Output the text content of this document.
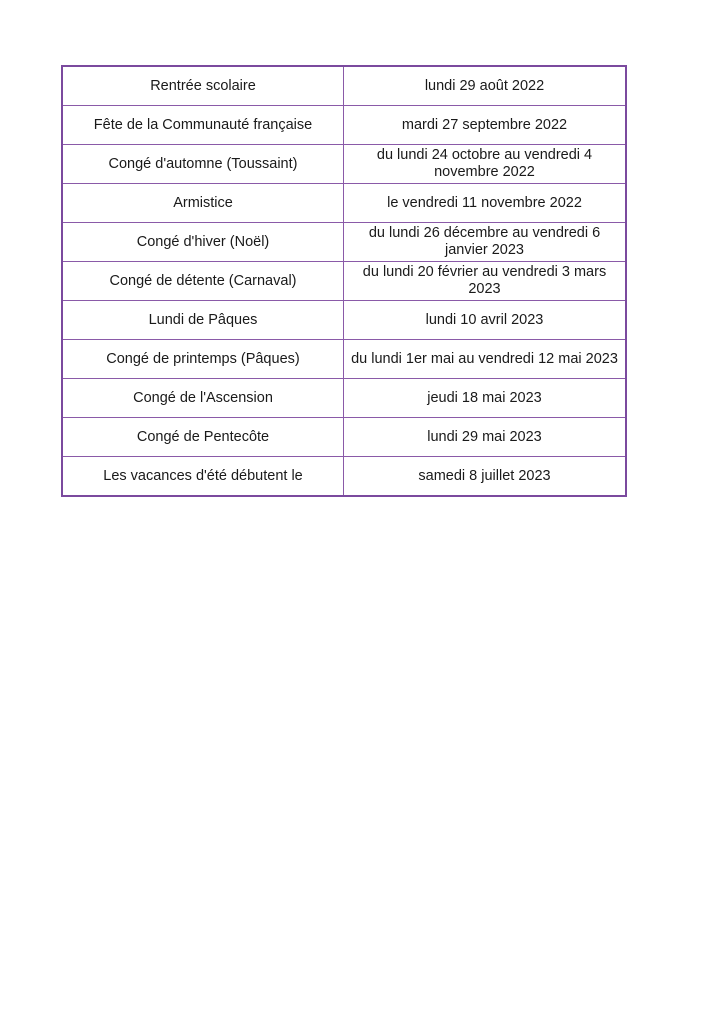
Rentrée scolaire	lundi 29 août 2022
Fête de la Communauté française	mardi 27 septembre 2022
Congé d'automne (Toussaint)	du lundi 24 octobre au vendredi 4 novembre 2022
Armistice	le vendredi 11 novembre 2022
Congé d'hiver (Noël)	du lundi 26 décembre au vendredi 6 janvier 2023
Congé de détente (Carnaval)	du lundi 20 février au vendredi 3 mars 2023
Lundi de Pâques	lundi 10 avril 2023
Congé de printemps (Pâques)	du lundi 1er mai au vendredi 12 mai 2023
Congé de l'Ascension	jeudi 18 mai 2023
Congé de Pentecôte	lundi 29 mai 2023
Les vacances d'été débutent le	samedi 8 juillet 2023
